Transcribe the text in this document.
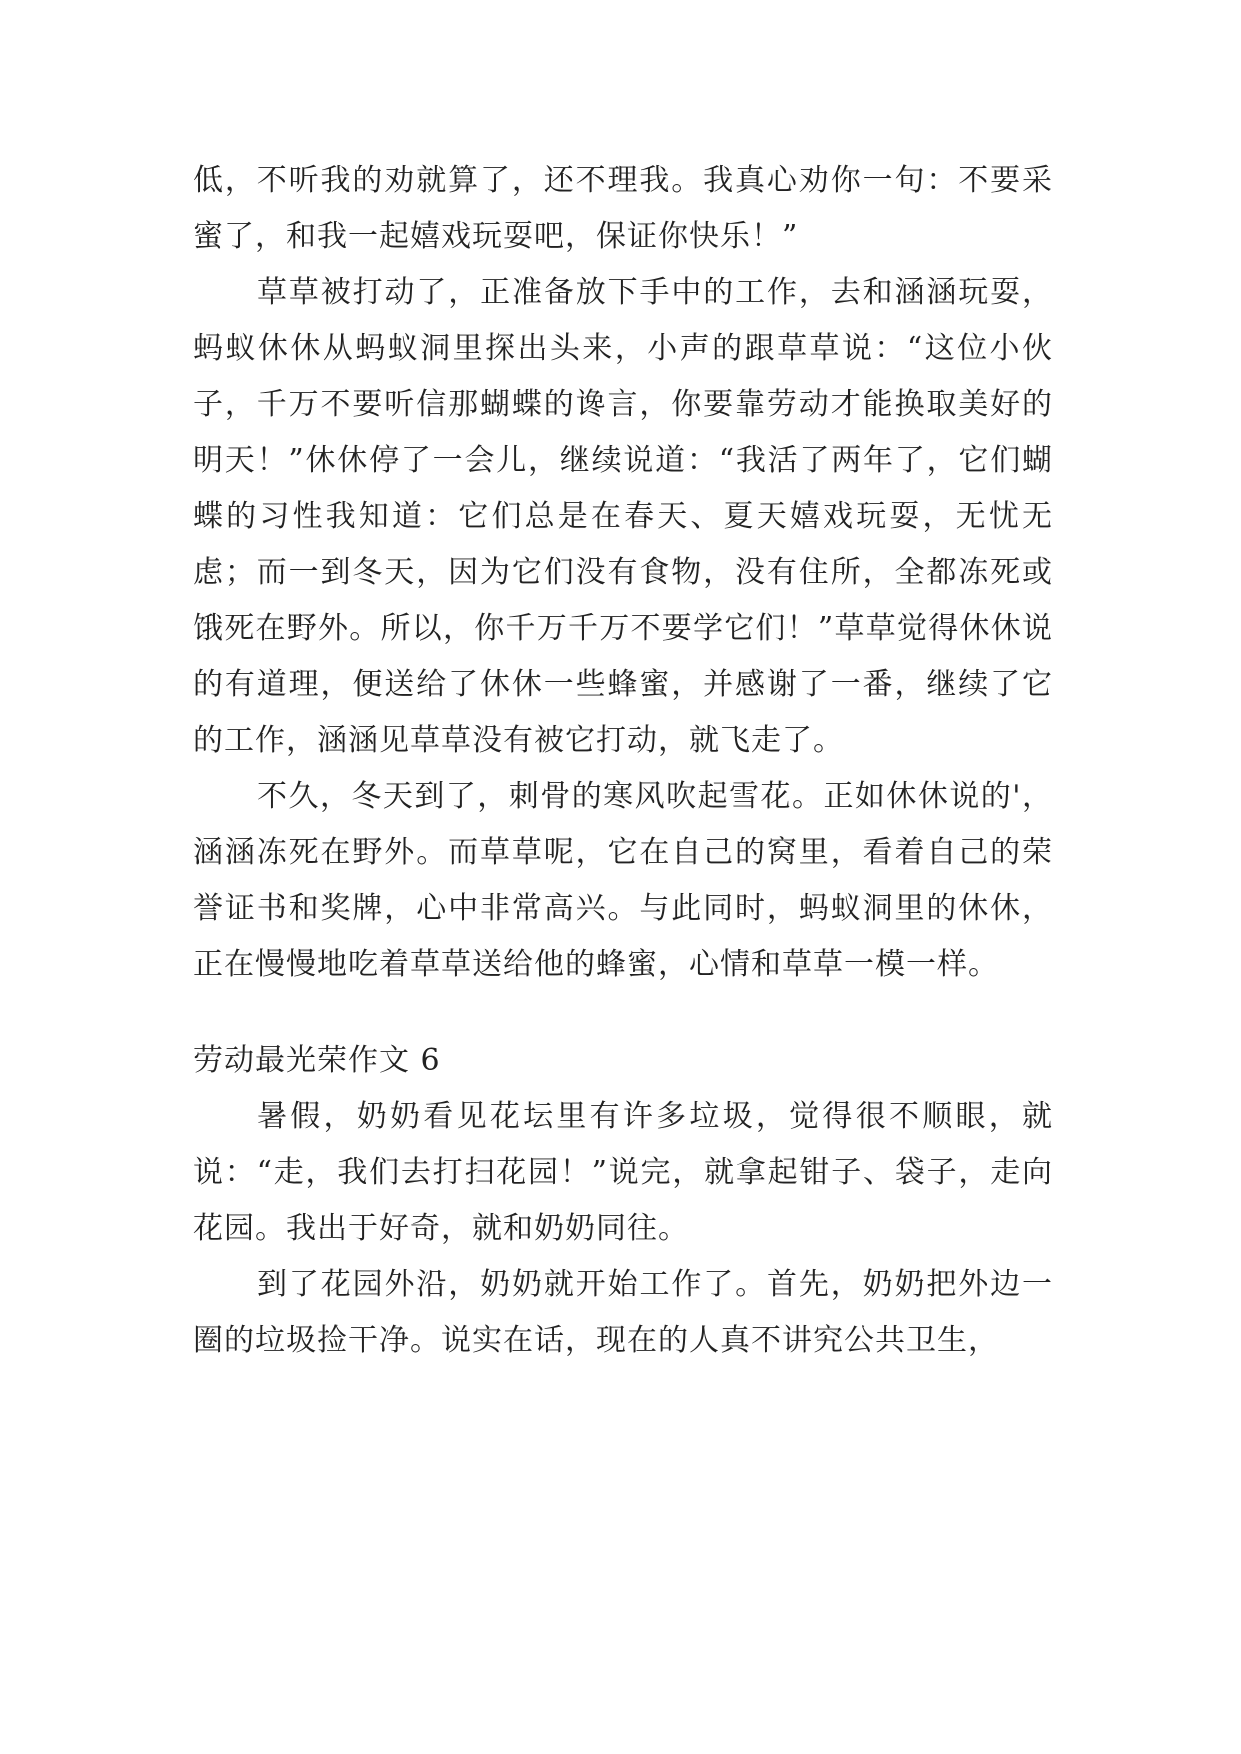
低，不听我的劝就算了，还不理我。我真心劝你一句：不要采蜜了，和我一起嬉戏玩耍吧，保证你快乐！”

草草被打动了，正准备放下手中的工作，去和涵涵玩耍，蚂蚁休休从蚂蚁洞里探出头来，小声的跟草草说：“这位小伙子，千万不要听信那蝴蝶的谗言，你要靠劳动才能换取美好的明天！”休休停了一会儿，继续说道：“我活了两年了，它们蝴蝶的习性我知道：它们总是在春天、夏天嬉戏玩耍，无忧无虑；而一到冬天，因为它们没有食物，没有住所，全都冻死或饿死在野外。所以，你千万千万不要学它们！”草草觉得休休说的有道理，便送给了休休一些蜂蜜，并感谢了一番，继续了它的工作，涵涵见草草没有被它打动，就飞走了。

不久，冬天到了，刺骨的寒风吹起雪花。正如休休说的'，涵涵冻死在野外。而草草呢，它在自己的窝里，看着自己的荣誉证书和奖牌，心中非常高兴。与此同时，蚂蚁洞里的休休，正在慢慢地吃着草草送给他的蜂蜜，心情和草草一模一样。

劳动最光荣作文 6

暑假，奶奶看见花坛里有许多垃圾，觉得很不顺眼，就说：“走，我们去打扫花园！”说完，就拿起钳子、袋子，走向花园。我出于好奇，就和奶奶同往。

到了花园外沿，奶奶就开始工作了。首先，奶奶把外边一圈的垃圾捡干净。说实在话，现在的人真不讲究公共卫生，
